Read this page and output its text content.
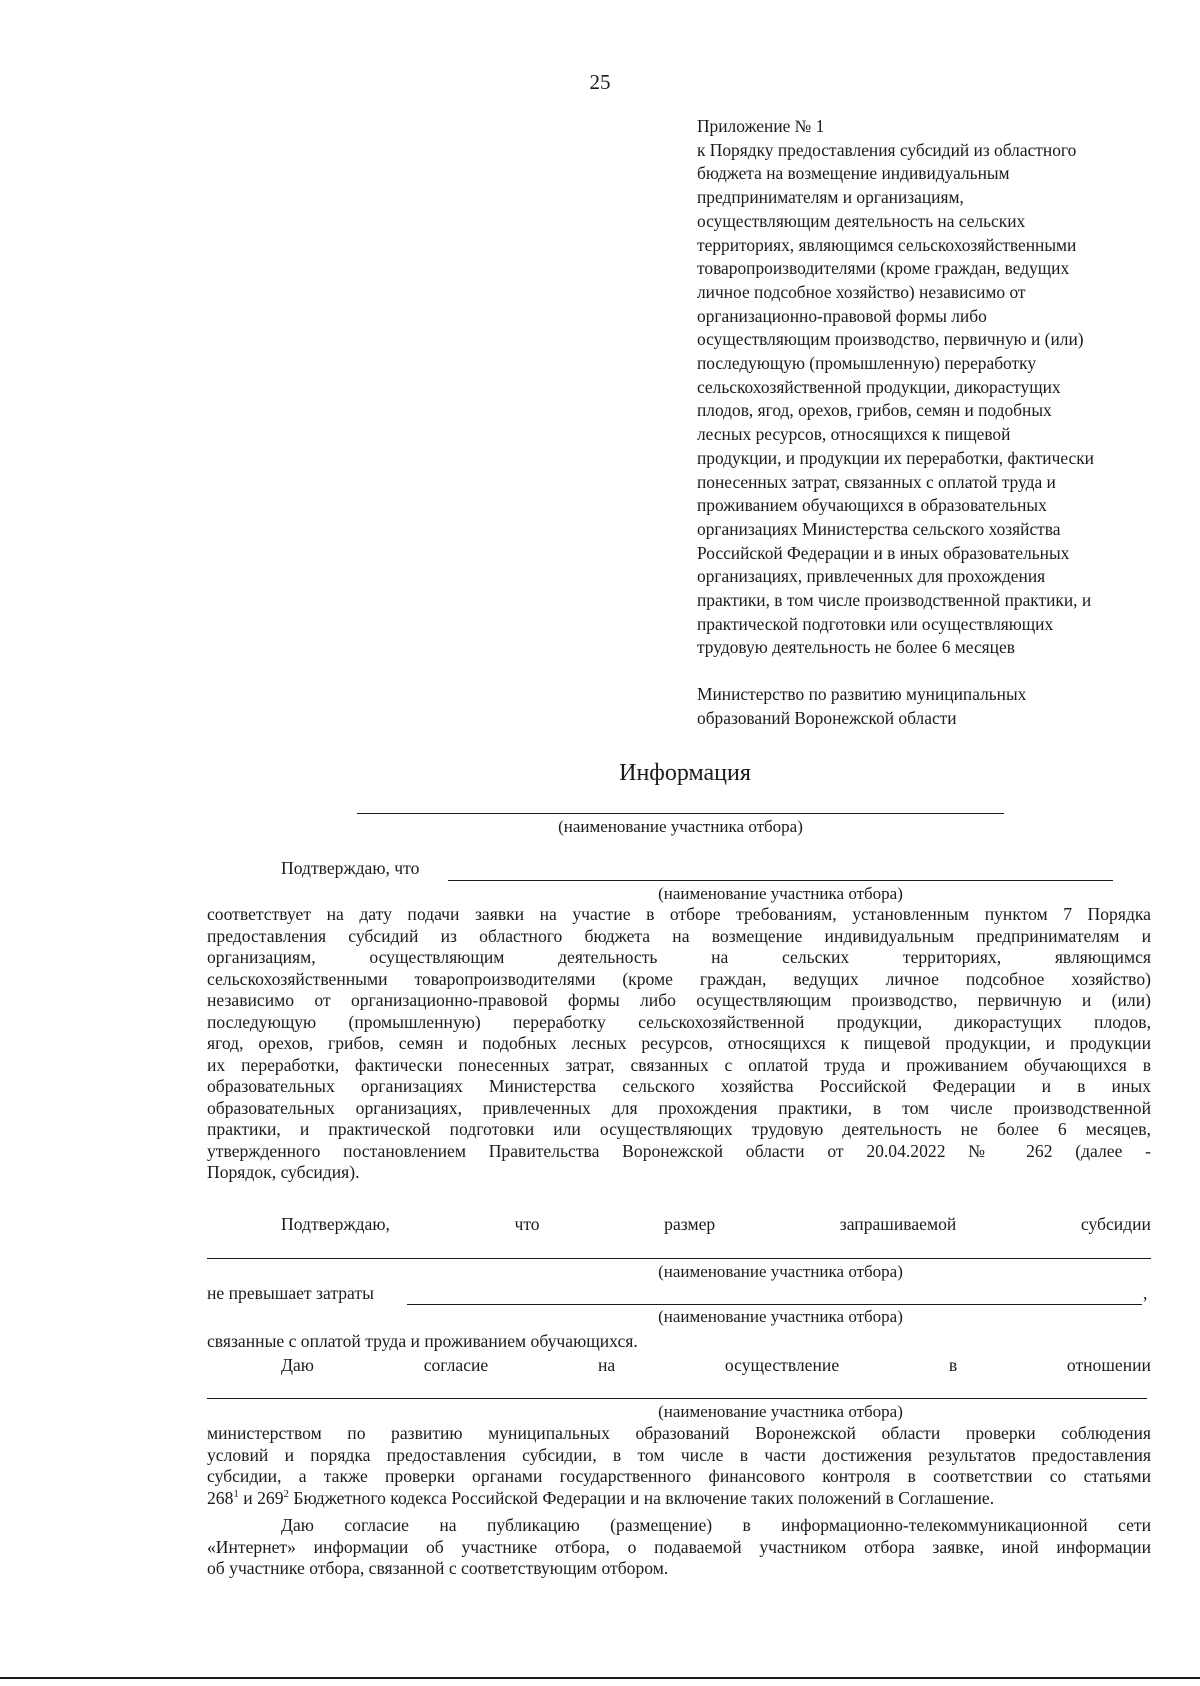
25
Приложение № 1
к Порядку предоставления субсидий из областного
бюджета на возмещение индивидуальным
предпринимателям и организациям,
осуществляющим деятельность на сельских
территориях, являющимся сельскохозяйственными
товаропроизводителями (кроме граждан, ведущих
личное подсобное хозяйство) независимо от
организационно-правовой формы либо
осуществляющим производство, первичную и (или)
последующую (промышленную) переработку
сельскохозяйственной продукции, дикорастущих
плодов, ягод, орехов, грибов, семян и подобных
лесных ресурсов, относящихся к пищевой
продукции, и продукции их переработки, фактически
понесенных затрат, связанных с оплатой труда и
проживанием обучающихся в образовательных
организациях Министерства сельского хозяйства
Российской Федерации и в иных образовательных
организациях, привлеченных для прохождения
практики, в том числе производственной практики, и
практической подготовки или осуществляющих
трудовую деятельность не более 6 месяцев
Министерство по развитию муниципальных
образований Воронежской области
Информация
(наименование участника отбора)
Подтверждаю, что
(наименование участника отбора)
соответствует на дату подачи заявки на участие в отборе требованиям, установленным пунктом 7 Порядка
предоставления субсидий из областного бюджета на возмещение индивидуальным предпринимателям и
организациям, осуществляющим деятельность на сельских территориях, являющимся
сельскохозяйственными товаропроизводителями (кроме граждан, ведущих личное подсобное хозяйство)
независимо от организационно-правовой формы либо осуществляющим производство, первичную и (или)
последующую (промышленную) переработку сельскохозяйственной продукции, дикорастущих плодов,
ягод, орехов, грибов, семян и подобных лесных ресурсов, относящихся к пищевой продукции, и продукции
их переработки, фактически понесенных затрат, связанных с оплатой труда и проживанием обучающихся в
образовательных организациях Министерства сельского хозяйства Российской Федерации и в иных
образовательных организациях, привлеченных для прохождения практики, в том числе производственной
практики, и практической подготовки или осуществляющих трудовую деятельность не более 6 месяцев,
утвержденного постановлением Правительства Воронежской области от 20.04.2022 № 262 (далее -
Порядок, субсидия).
Подтверждаю,	что	размер	запрашиваемой	субсидии
(наименование участника отбора)
не превышает затраты	,
(наименование участника отбора)
связанные с оплатой труда и проживанием обучающихся.
Даю	согласие	на	осуществление	в	отношении
(наименование участника отбора)
министерством по развитию муниципальных образований Воронежской области проверки соблюдения
условий и порядка предоставления субсидии, в том числе в части достижения результатов предоставления
субсидии, а также проверки органами государственного финансового контроля в соответствии со статьями
$268^1$ и $269^2$ Бюджетного кодекса Российской Федерации и на включение таких положений в Соглашение.
Даю согласие на публикацию (размещение) в информационно-телекоммуникационной сети
«Интернет» информации об участнике отбора, о подаваемой участником отбора заявке, иной информации
об участнике отбора, связанной с соответствующим отбором.
